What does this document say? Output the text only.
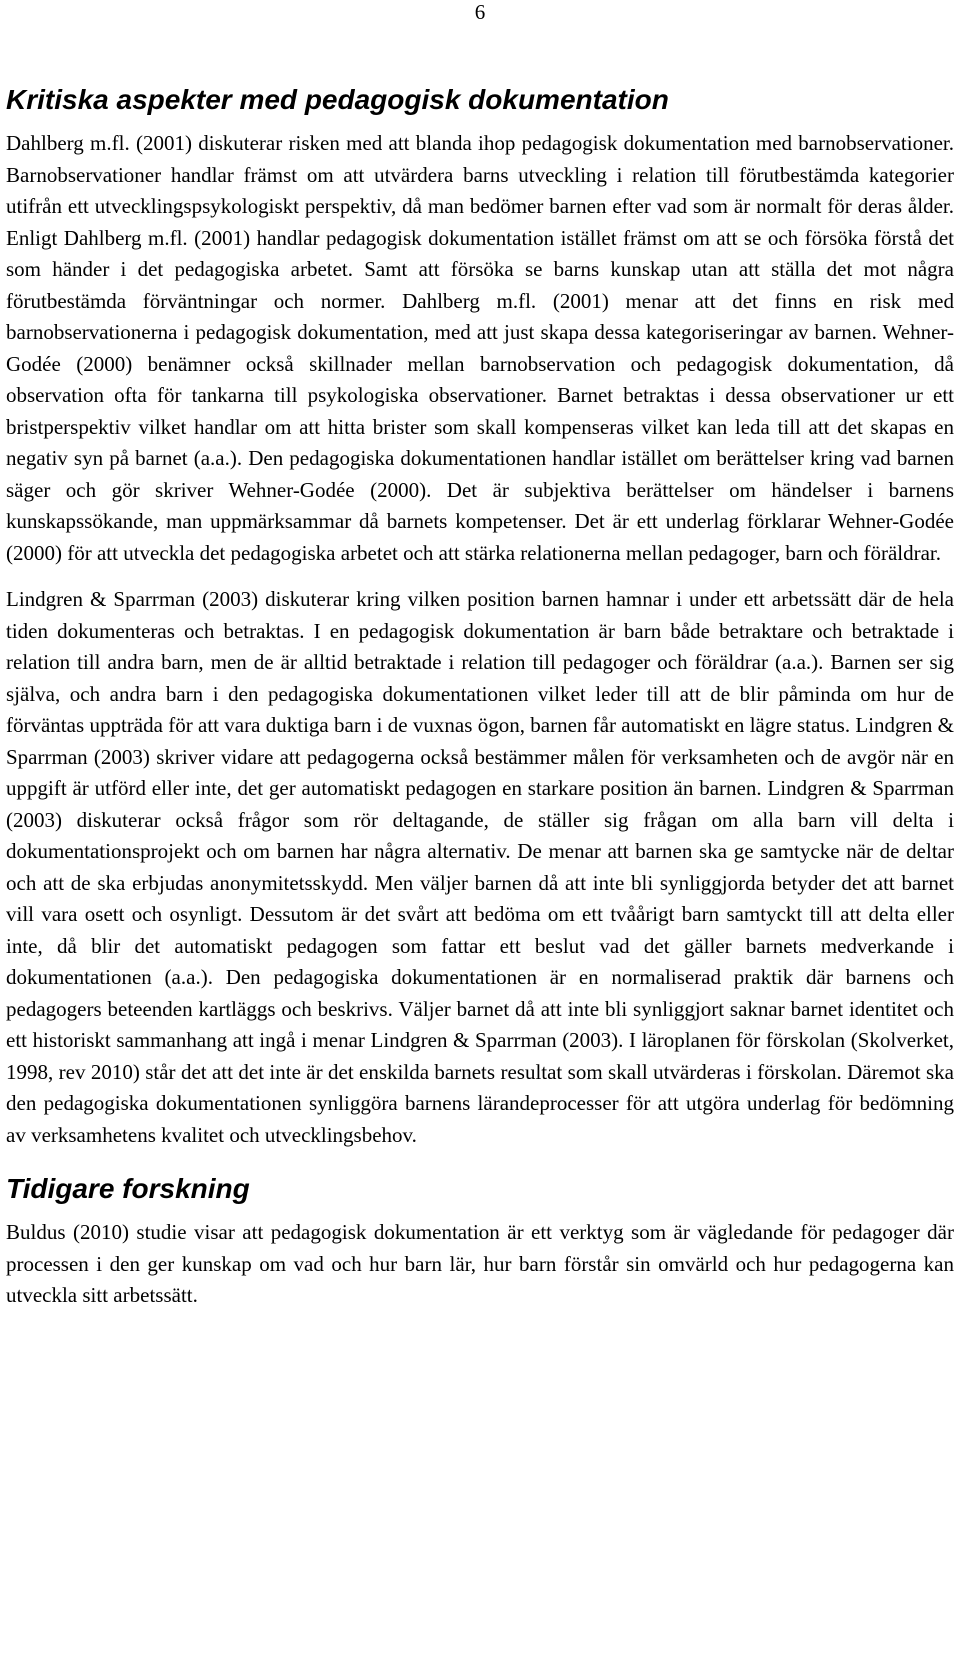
6
Kritiska aspekter med pedagogisk dokumentation

Dahlberg m.fl. (2001) diskuterar risken med att blanda ihop pedagogisk dokumentation med barnobservationer. Barnobservationer handlar främst om att utvärdera barns utveckling i relation till förutbestämda kategorier utifrån ett utvecklingspsykologiskt perspektiv, då man bedömer barnen efter vad som är normalt för deras ålder. Enligt Dahlberg m.fl. (2001) handlar pedagogisk dokumentation istället främst om att se och försöka förstå det som händer i det pedagogiska arbetet. Samt att försöka se barns kunskap utan att ställa det mot några förutbestämda förväntningar och normer. Dahlberg m.fl. (2001) menar att det finns en risk med barnobservationerna i pedagogisk dokumentation, med att just skapa dessa kategoriseringar av barnen. Wehner-Godée (2000) benämner också skillnader mellan barnobservation och pedagogisk dokumentation, då observation ofta för tankarna till psykologiska observationer. Barnet betraktas i dessa observationer ur ett bristperspektiv vilket handlar om att hitta brister som skall kompenseras vilket kan leda till att det skapas en negativ syn på barnet (a.a.). Den pedagogiska dokumentationen handlar istället om berättelser kring vad barnen säger och gör skriver Wehner-Godée (2000). Det är subjektiva berättelser om händelser i barnens kunskapssökande, man uppmärksammar då barnets kompetenser. Det är ett underlag förklarar Wehner-Godée (2000) för att utveckla det pedagogiska arbetet och att stärka relationerna mellan pedagoger, barn och föräldrar.

Lindgren & Sparrman (2003) diskuterar kring vilken position barnen hamnar i under ett arbetssätt där de hela tiden dokumenteras och betraktas. I en pedagogisk dokumentation är barn både betraktare och betraktade i relation till andra barn, men de är alltid betraktade i relation till pedagoger och föräldrar (a.a.). Barnen ser sig själva, och andra barn i den pedagogiska dokumentationen vilket leder till att de blir påminda om hur de förväntas uppträda för att vara duktiga barn i de vuxnas ögon, barnen får automatiskt en lägre status. Lindgren & Sparrman (2003) skriver vidare att pedagogerna också bestämmer målen för verksamheten och de avgör när en uppgift är utförd eller inte, det ger automatiskt pedagogen en starkare position än barnen. Lindgren & Sparrman (2003) diskuterar också frågor som rör deltagande, de ställer sig frågan om alla barn vill delta i dokumentationsprojekt och om barnen har några alternativ. De menar att barnen ska ge samtycke när de deltar och att de ska erbjudas anonymitetsskydd. Men väljer barnen då att inte bli synliggjorda betyder det att barnet vill vara osett och osynligt. Dessutom är det svårt att bedöma om ett tvåårigt barn samtyckt till att delta eller inte, då blir det automatiskt pedagogen som fattar ett beslut vad det gäller barnets medverkande i dokumentationen (a.a.). Den pedagogiska dokumentationen är en normaliserad praktik där barnens och pedagogers beteenden kartläggs och beskrivs. Väljer barnet då att inte bli synliggjort saknar barnet identitet och ett historiskt sammanhang att ingå i menar Lindgren & Sparrman (2003). I läroplanen för förskolan (Skolverket, 1998, rev 2010) står det att det inte är det enskilda barnets resultat som skall utvärderas i förskolan. Däremot ska den pedagogiska dokumentationen synliggöra barnens lärandeprocesser för att utgöra underlag för bedömning av verksamhetens kvalitet och utvecklingsbehov.

Tidigare forskning

Buldus (2010) studie visar att pedagogisk dokumentation är ett verktyg som är vägledande för pedagoger där processen i den ger kunskap om vad och hur barn lär, hur barn förstår sin omvärld och hur pedagogerna kan utveckla sitt arbetssätt.
